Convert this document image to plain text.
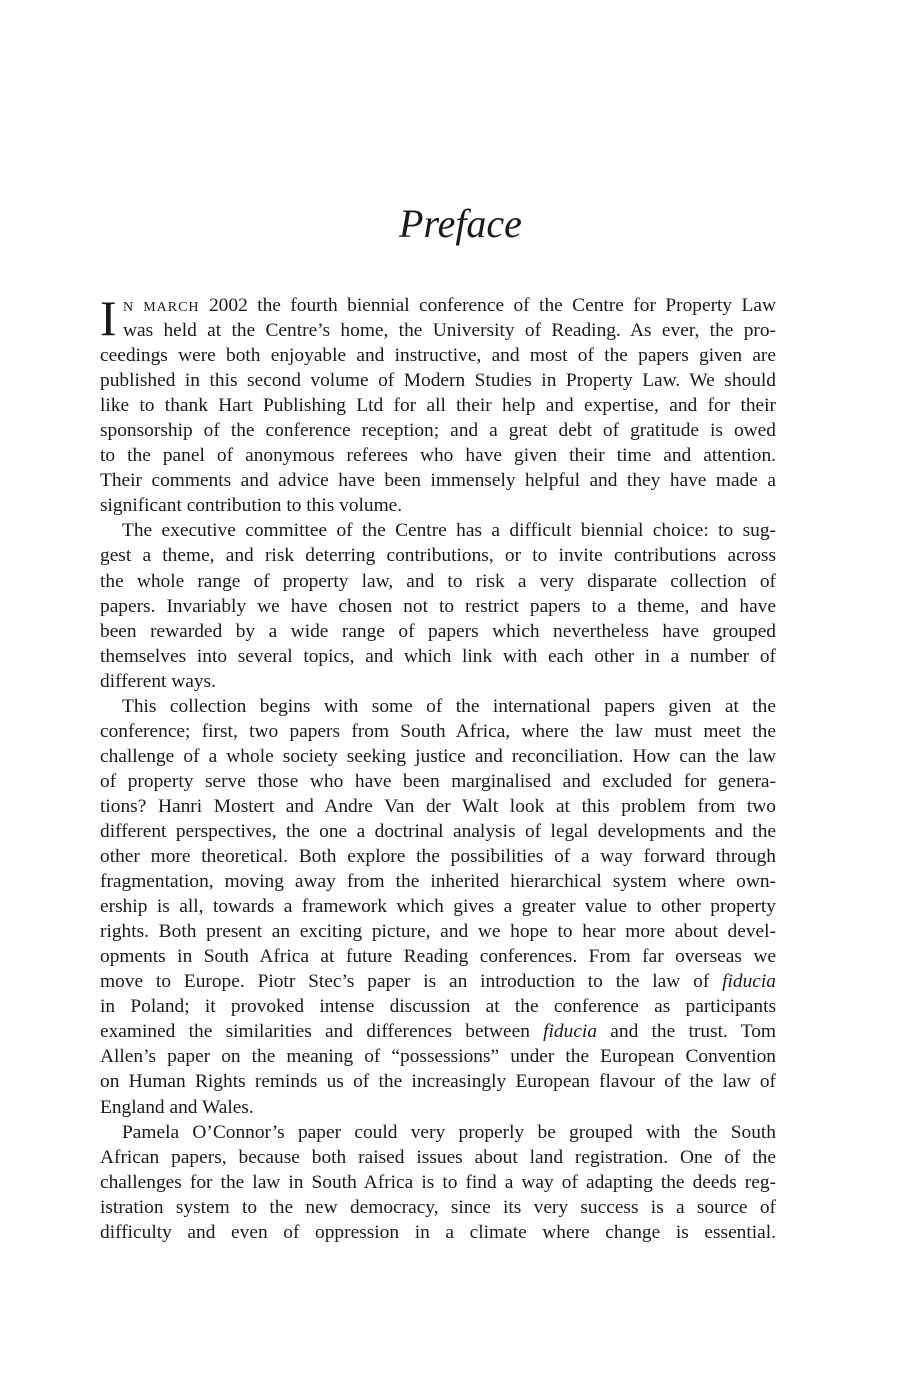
Preface
I N MARCH 2002 the fourth biennial conference of the Centre for Property Law
was held at the Centre’s home, the University of Reading. As ever, the pro-
ceedings were both enjoyable and instructive, and most of the papers given are
published in this second volume of Modern Studies in Property Law. We should
like to thank Hart Publishing Ltd for all their help and expertise, and for their
sponsorship of the conference reception; and a great debt of gratitude is owed
to the panel of anonymous referees who have given their time and attention.
Their comments and advice have been immensely helpful and they have made a
significant contribution to this volume.
The executive committee of the Centre has a difficult biennial choice: to sug-
gest a theme, and risk deterring contributions, or to invite contributions across
the whole range of property law, and to risk a very disparate collection of
papers. Invariably we have chosen not to restrict papers to a theme, and have
been rewarded by a wide range of papers which nevertheless have grouped
themselves into several topics, and which link with each other in a number of
different ways.
This collection begins with some of the international papers given at the
conference; first, two papers from South Africa, where the law must meet the
challenge of a whole society seeking justice and reconciliation. How can the law
of property serve those who have been marginalised and excluded for genera-
tions? Hanri Mostert and Andre Van der Walt look at this problem from two
different perspectives, the one a doctrinal analysis of legal developments and the
other more theoretical. Both explore the possibilities of a way forward through
fragmentation, moving away from the inherited hierarchical system where own-
ership is all, towards a framework which gives a greater value to other property
rights. Both present an exciting picture, and we hope to hear more about devel-
opments in South Africa at future Reading conferences. From far overseas we
move to Europe. Piotr Stec’s paper is an introduction to the law of fiducia
in Poland; it provoked intense discussion at the conference as participants
examined the similarities and differences between fiducia and the trust. Tom
Allen’s paper on the meaning of “possessions” under the European Convention
on Human Rights reminds us of the increasingly European flavour of the law of
England and Wales.
Pamela O’Connor’s paper could very properly be grouped with the South
African papers, because both raised issues about land registration. One of the
challenges for the law in South Africa is to find a way of adapting the deeds reg-
istration system to the new democracy, since its very success is a source of
difficulty and even of oppression in a climate where change is essential.
